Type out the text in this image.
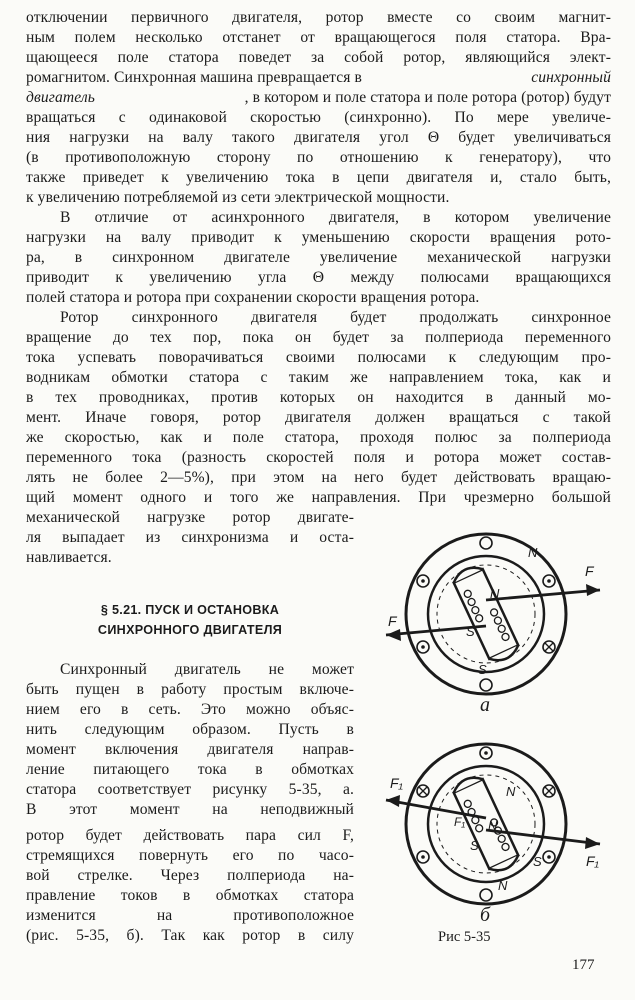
отключении первичного двигателя, ротор вместе со своим магнит-
ным полем несколько отстанет от вращающегося поля статора. Вра-
щающееся поле статора поведет за собой ротор, являющийся элект-
ромагнитом. Синхронная машина превращается в	синхронный
двигатель	, в котором и поле статора и поле ротора (ротор) будут
вращаться с одинаковой скоростью (синхронно). По мере увеличе-
ния нагрузки на валу такого двигателя угол Θ будет увеличиваться
(в противоположную сторону по отношению к генератору), что
также приведет к увеличению тока в цепи двигателя и, стало быть,
к увеличению потребляемой из сети электрической мощности.
В отличие от асинхронного двигателя, в котором увеличение
нагрузки на валу приводит к уменьшению скорости вращения рото-
ра, в синхронном двигателе увеличение механической нагрузки
приводит к увеличению угла Θ между полюсами вращающихся
полей статора и ротора при сохранении скорости вращения ротора.
Ротор синхронного двигателя будет продолжать синхронное
вращение до тех пор, пока он будет за полпериода переменного
тока успевать поворачиваться своими полюсами к следующим про-
водникам обмотки статора с таким же направлением тока, как и
в тех проводниках, против которых он находится в данный мо-
мент. Иначе говоря, ротор двигателя должен вращаться с такой
же скоростью, как и поле статора, проходя полюс за полпериода
переменного тока (разность скоростей поля и ротора может состав-
лять не более 2—5%), при этом на него будет действовать вращаю-
щий момент одного и того же направления. При чрезмерно большой
механической нагрузке ротор двигате-
ля выпадает из синхронизма и оста-
навливается.
§ 5.21. ПУСК И ОСТАНОВКА
СИНХРОННОГО ДВИГАТЕЛЯ
Синхронный двигатель не может
быть пущен в работу простым включе-
нием его в сеть. Это можно объяс-
нить следующим образом. Пусть в
момент включения двигателя направ-
ление питающего тока в обмотках
статора соответствует рисунку 5-35, а.
В этот момент на неподвижный
ротор будет действовать пара сил F,
стремящихся повернуть его по часо-
вой стрелке. Через полпериода на-
правление токов в обмотках статора
изменится на противоположное
(рис. 5-35, б). Так как ротор в силу
N
N
S
S
F
F
а
N
N
S
S
N
F₁
F₁
F₁
б
Рис 5-35
177
